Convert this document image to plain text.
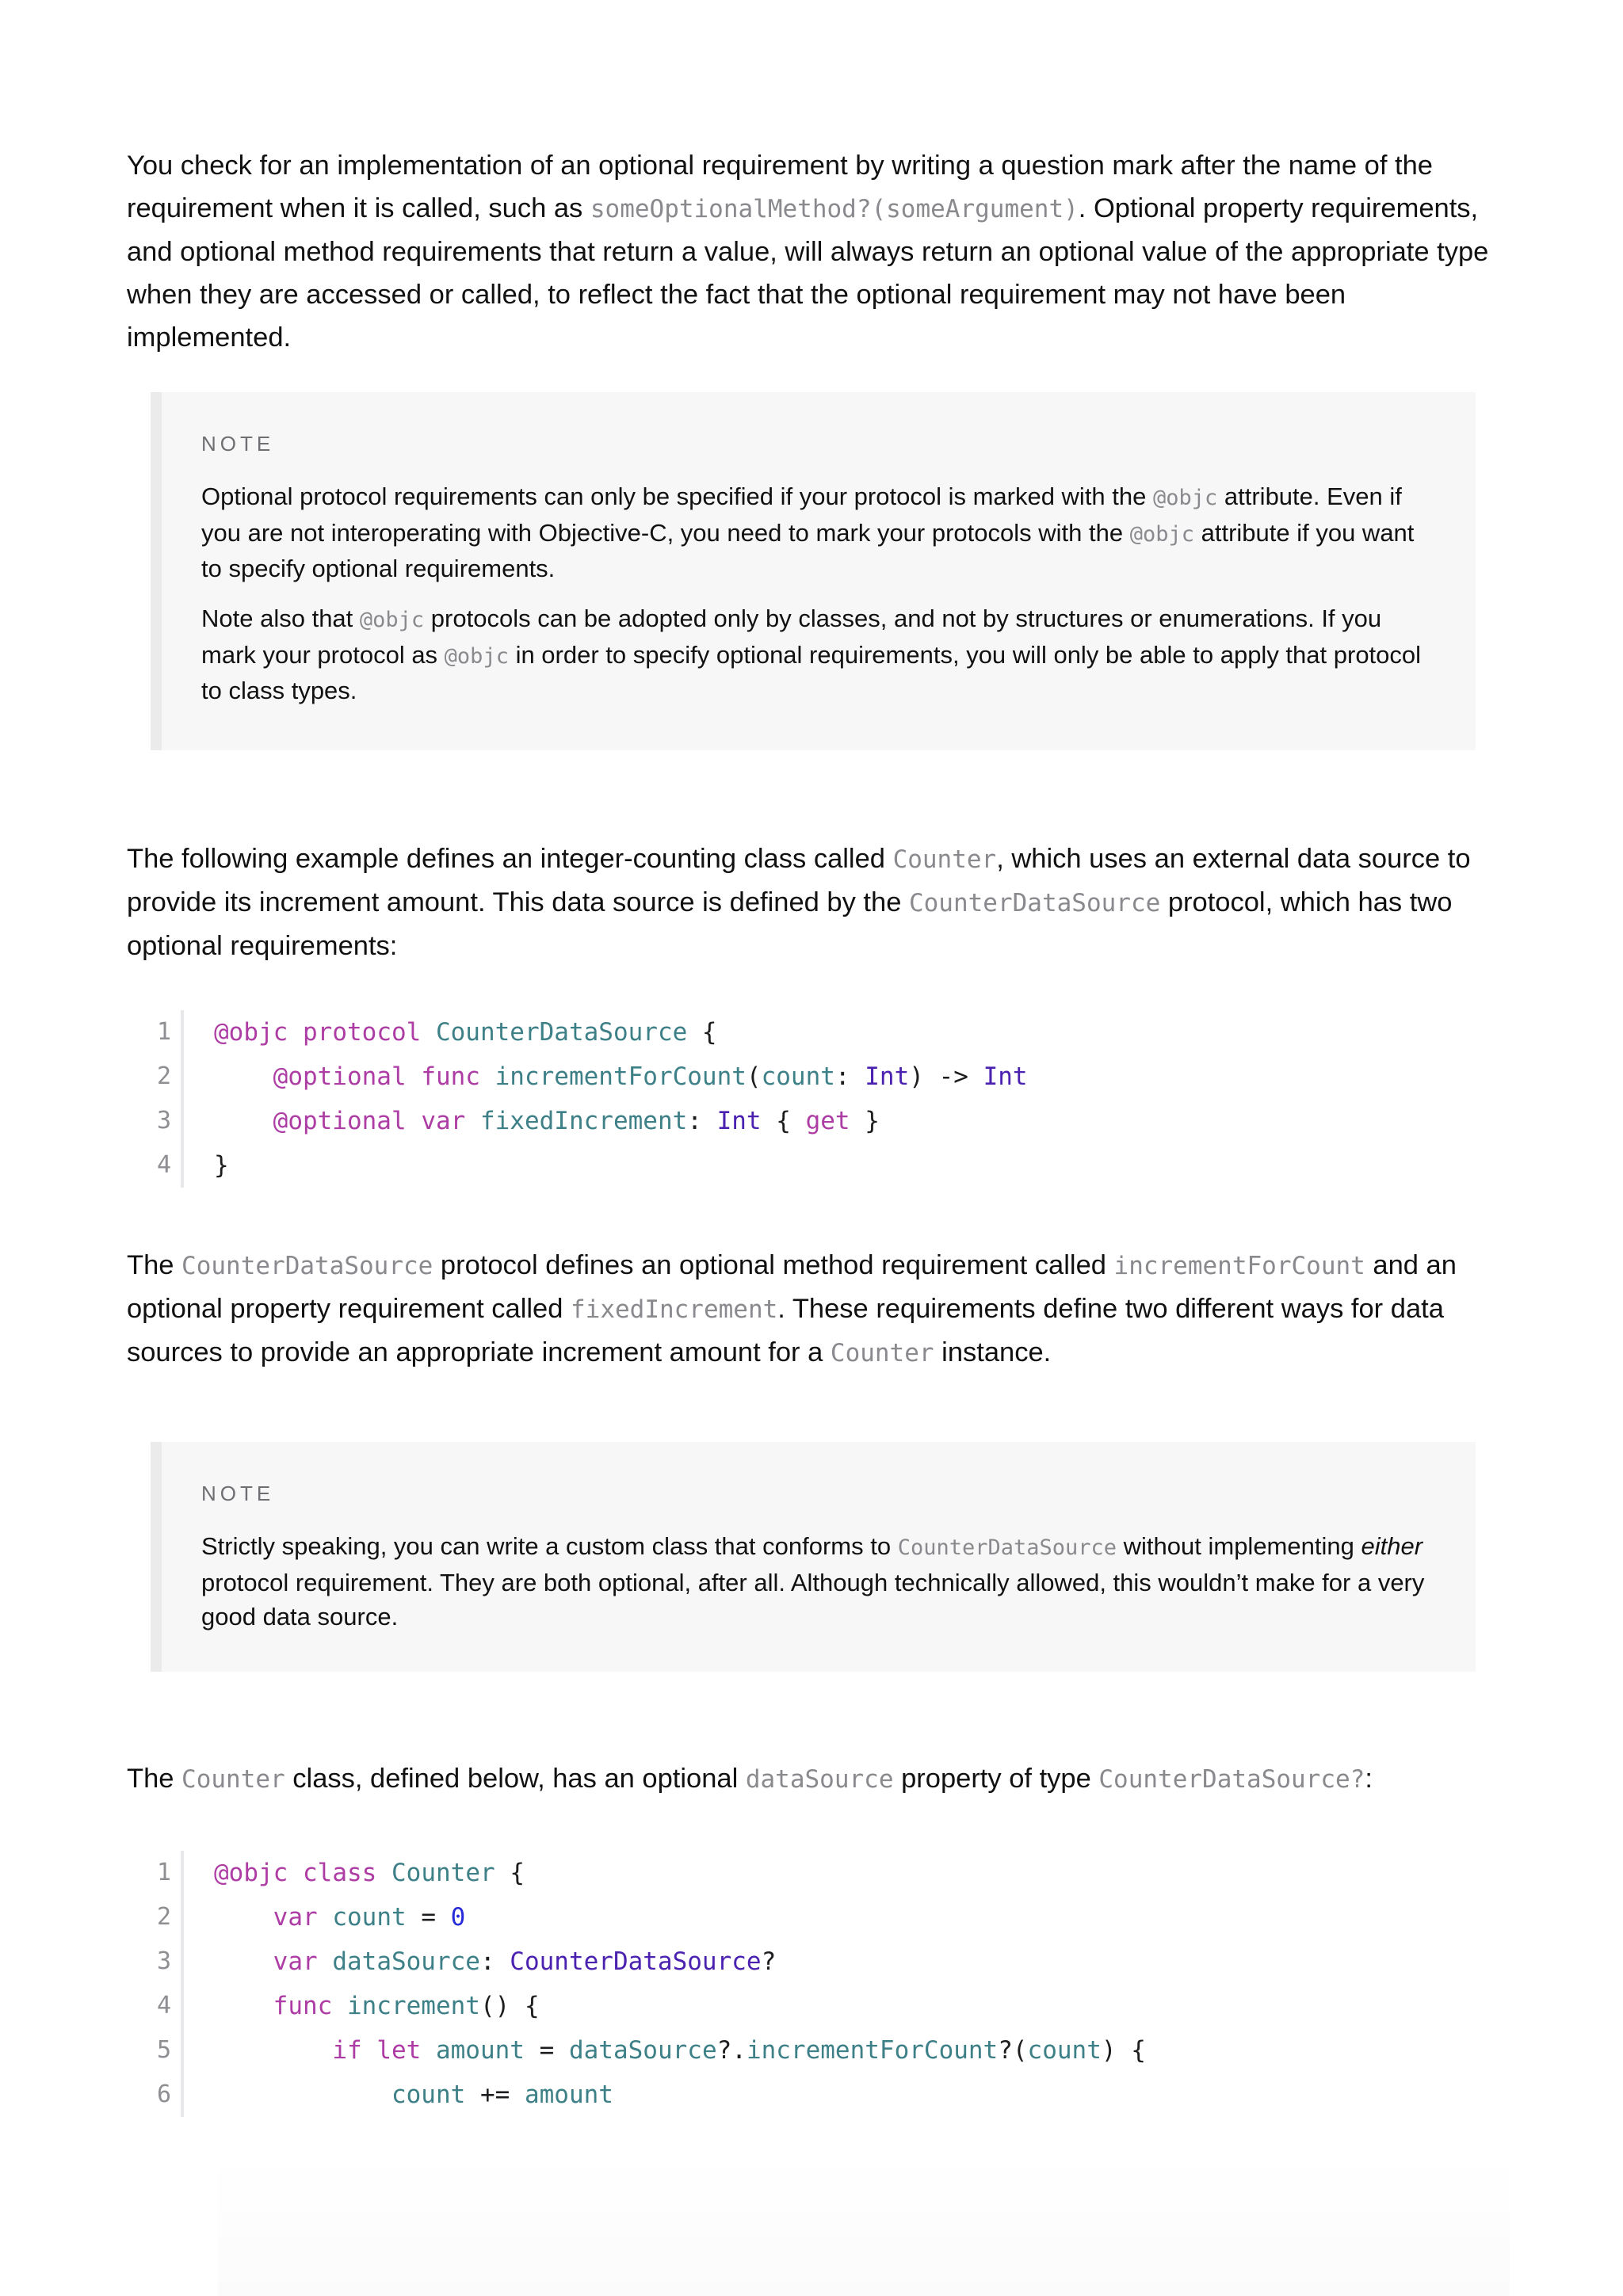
You check for an implementation of an optional requirement by writing a question mark after the name of the requirement when it is called, such as someOptionalMethod?(someArgument). Optional property requirements, and optional method requirements that return a value, will always return an optional value of the appropriate type when they are accessed or called, to reflect the fact that the optional requirement may not have been implemented.
NOTE
Optional protocol requirements can only be specified if your protocol is marked with the @objc attribute. Even if you are not interoperating with Objective-C, you need to mark your protocols with the @objc attribute if you want to specify optional requirements.
Note also that @objc protocols can be adopted only by classes, and not by structures or enumerations. If you mark your protocol as @objc in order to specify optional requirements, you will only be able to apply that protocol to class types.
The following example defines an integer-counting class called Counter, which uses an external data source to provide its increment amount. This data source is defined by the CounterDataSource protocol, which has two optional requirements:
1 @objc protocol CounterDataSource {
2	@optional func incrementForCount(count: Int) -> Int
3	@optional var fixedIncrement: Int { get }
4 }
The CounterDataSource protocol defines an optional method requirement called incrementForCount and an optional property requirement called fixedIncrement. These requirements define two different ways for data sources to provide an appropriate increment amount for a Counter instance.
NOTE
Strictly speaking, you can write a custom class that conforms to CounterDataSource without implementing either protocol requirement. They are both optional, after all. Although technically allowed, this wouldn’t make for a very good data source.
The Counter class, defined below, has an optional dataSource property of type CounterDataSource?:
1 @objc class Counter {
2	var count = 0
3	var dataSource: CounterDataSource?
4	func increment() {
5	if let amount = dataSource?.incrementForCount?(count) {
6	count += amount
